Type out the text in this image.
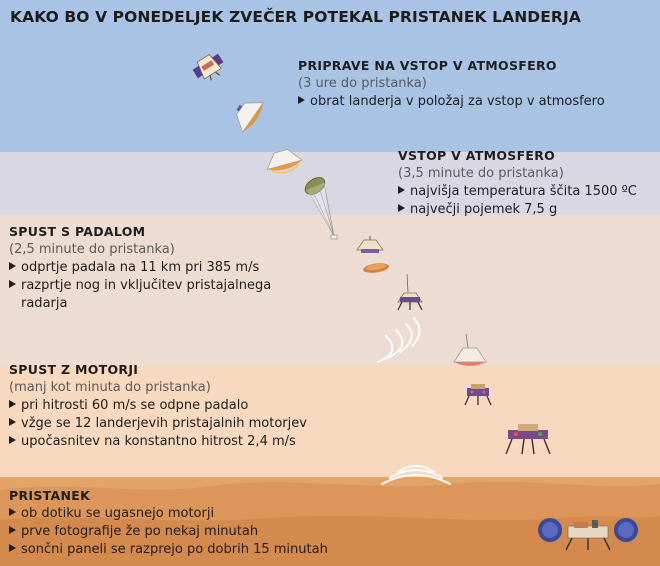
KAKO BO V PONEDELJEK ZVEČER POTEKAL PRISTANEK LANDERJA
PRIPRAVE NA VSTOP V ATMOSFERO
(3 ure do pristanka)
obrat landerja v položaj za vstop v atmosfero
VSTOP V ATMOSFERO
(3,5 minute do pristanka)
najvišja temperatura ščita 1500 ºC
največji pojemek 7,5 g
SPUST S PADALOM
(2,5 minute do pristanka)
odprtje padala na 11 km pri 385 m/s
razprtje nog in vključitev pristajalnega
radarja
SPUST Z MOTORJI
(manj kot minuta do pristanka)
pri hitrosti 60 m/s se odpne padalo
vžge se 12 landerjevih pristajalnih motorjev
upočasnitev na konstantno hitrost 2,4 m/s
PRISTANEK
ob dotiku se ugasnejo motorji
prve fotografije že po nekaj minutah
sončni paneli se razprejo po dobrih 15 minutah
